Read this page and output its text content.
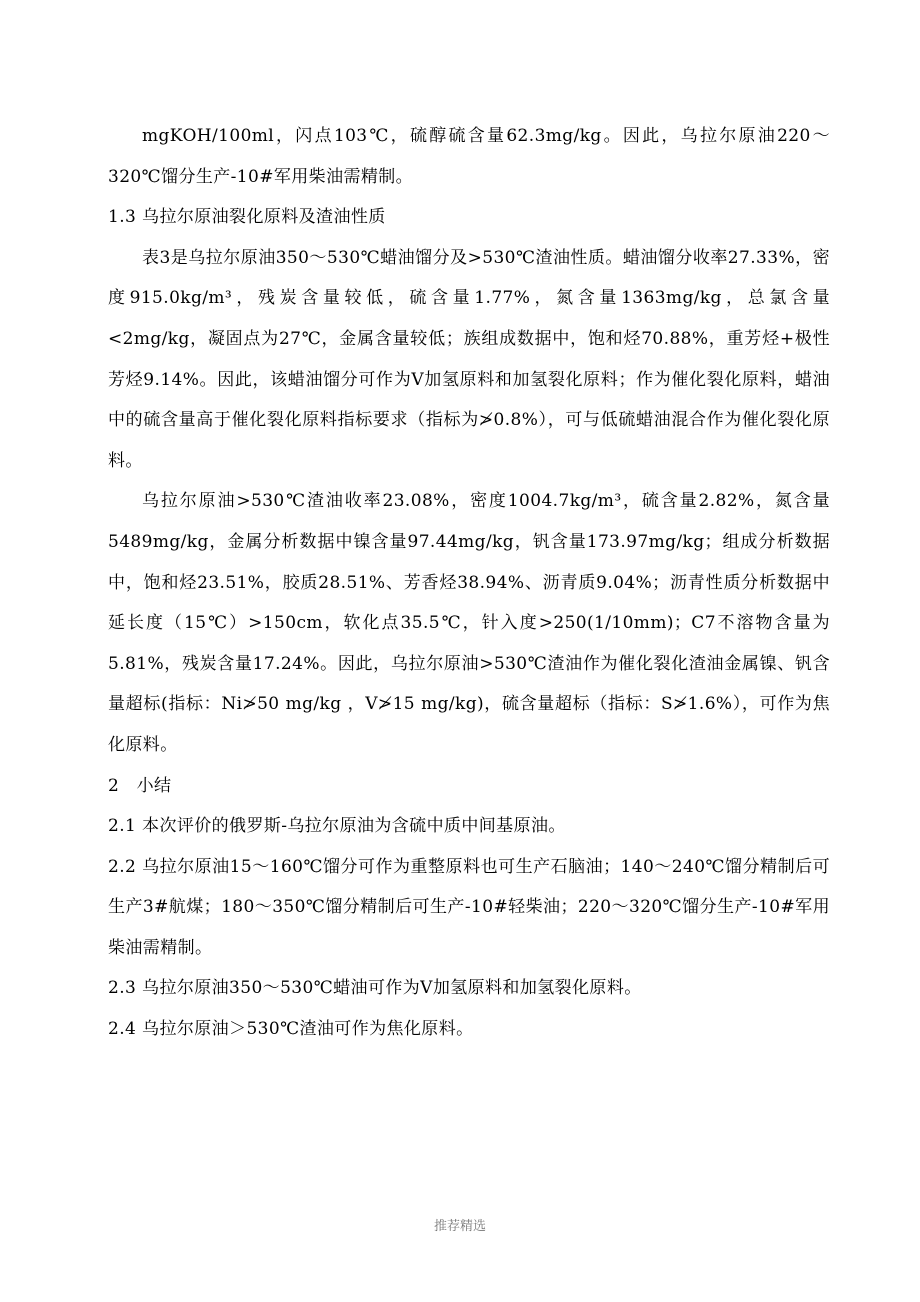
mgKOH/100ml，闪点103℃，硫醇硫含量62.3mg/kg。因此，乌拉尔原油220～320℃馏分生产-10#军用柴油需精制。

1.3 乌拉尔原油裂化原料及渣油性质

表3是乌拉尔原油350～530℃蜡油馏分及>530℃渣油性质。蜡油馏分收率27.33%，密度915.0kg/m³，残炭含量较低，硫含量1.77%，氮含量1363mg/kg，总氯含量<2mg/kg，凝固点为27℃，金属含量较低；族组成数据中，饱和烃70.88%，重芳烃+极性芳烃9.14%。因此，该蜡油馏分可作为V加氢原料和加氢裂化原料；作为催化裂化原料，蜡油中的硫含量高于催化裂化原料指标要求（指标为≯0.8%），可与低硫蜡油混合作为催化裂化原料。

乌拉尔原油>530℃渣油收率23.08%，密度1004.7kg/m³，硫含量2.82%，氮含量5489mg/kg，金属分析数据中镍含量97.44mg/kg，钒含量173.97mg/kg；组成分析数据中，饱和烃23.51%，胶质28.51%、芳香烃38.94%、沥青质9.04%；沥青性质分析数据中延长度（15℃）>150cm，软化点35.5℃，针入度>250(1/10mm)；C7不溶物含量为5.81%，残炭含量17.24%。因此，乌拉尔原油>530℃渣油作为催化裂化渣油金属镍、钒含量超标(指标：Ni≯50 mg/kg ，V≯15 mg/kg)，硫含量超标（指标：S≯1.6%），可作为焦化原料。

2　小结

2.1 本次评价的俄罗斯-乌拉尔原油为含硫中质中间基原油。

2.2 乌拉尔原油15～160℃馏分可作为重整原料也可生产石脑油；140～240℃馏分精制后可生产3#航煤；180～350℃馏分精制后可生产-10#轻柴油；220～320℃馏分生产-10#军用柴油需精制。

2.3 乌拉尔原油350～530℃蜡油可作为V加氢原料和加氢裂化原料。

2.4 乌拉尔原油＞530℃渣油可作为焦化原料。

推荐精选
